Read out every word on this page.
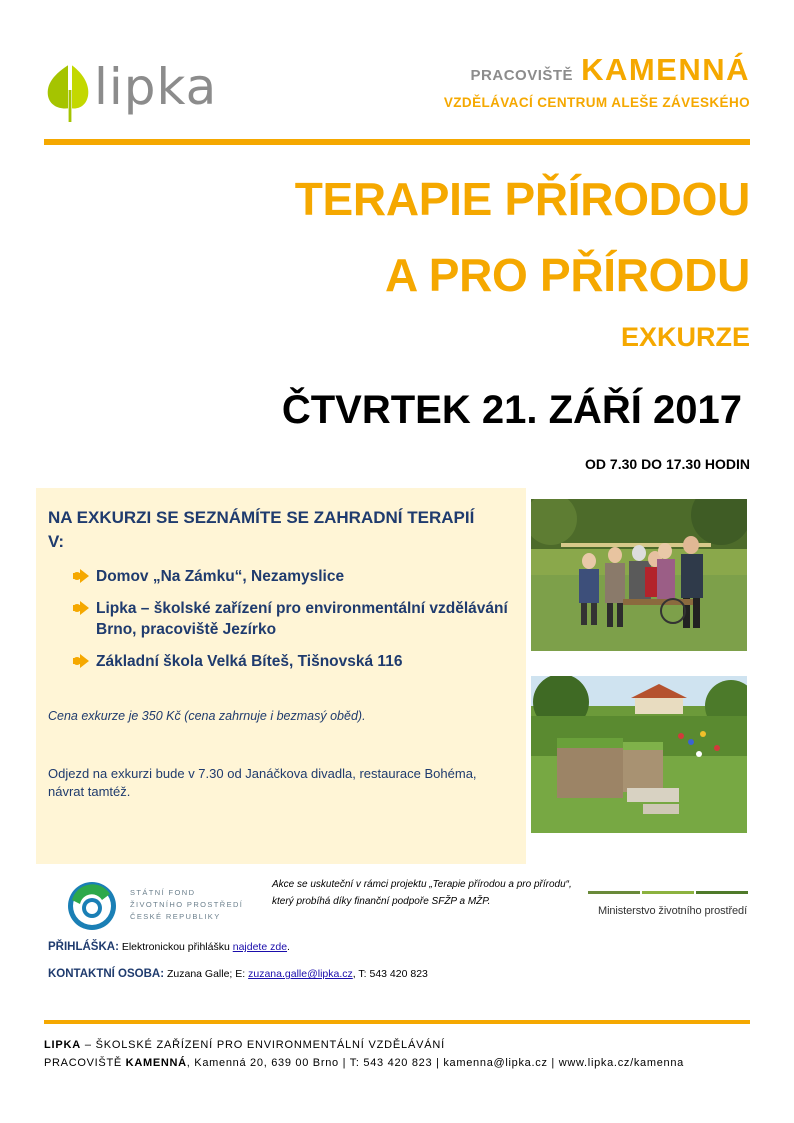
lipka	PRACOVIŠTĚ KAMENNÁ
VZDĚLÁVACÍ CENTRUM ALEŠE ZÁVESKÉHO
TERAPIE PŘÍRODOU
A PRO PŘÍRODU
EXKURZE
ČTVRTEK 21. ZÁŘÍ 2017
OD 7.30 DO 17.30 HODIN
NA EXKURZI SE SEZNÁMÍTE SE ZAHRADNÍ TERAPIÍ V:
Domov „Na Zámku“, Nezamyslice
Lipka – školské zařízení pro environmentální vzdělávání Brno, pracoviště Jezírko
Základní škola Velká Bíteš, Tišnovská 116
Cena exkurze je 350 Kč (cena zahrnuje i bezmasý oběd).
Odjezd na exkurzi bude v 7.30 od Janáčkova divadla, restaurace Bohéma, návrat tamtéž.
STÁTNÍ FOND
ŽIVOTNÍHO PROSTŘEDÍ
ČESKÉ REPUBLIKY
Akce se uskuteční v rámci projektu „Terapie přírodou a pro přírodu“, který probíhá díky finanční podpoře SFŽP a MŽP.
Ministerstvo životního prostředí
PŘIHLÁŠKA: Elektronickou přihlášku najdete zde.
KONTAKTNÍ OSOBA: Zuzana Galle; E: zuzana.galle@lipka.cz, T: 543 420 823
LIPKA – ŠKOLSKÉ ZAŘÍZENÍ PRO ENVIRONMENTÁLNÍ VZDĚLÁVÁNÍ
PRACOVIŠTĚ KAMENNÁ, Kamenná 20, 639 00 Brno | T: 543 420 823 | kamenna@lipka.cz | www.lipka.cz/kamenna
